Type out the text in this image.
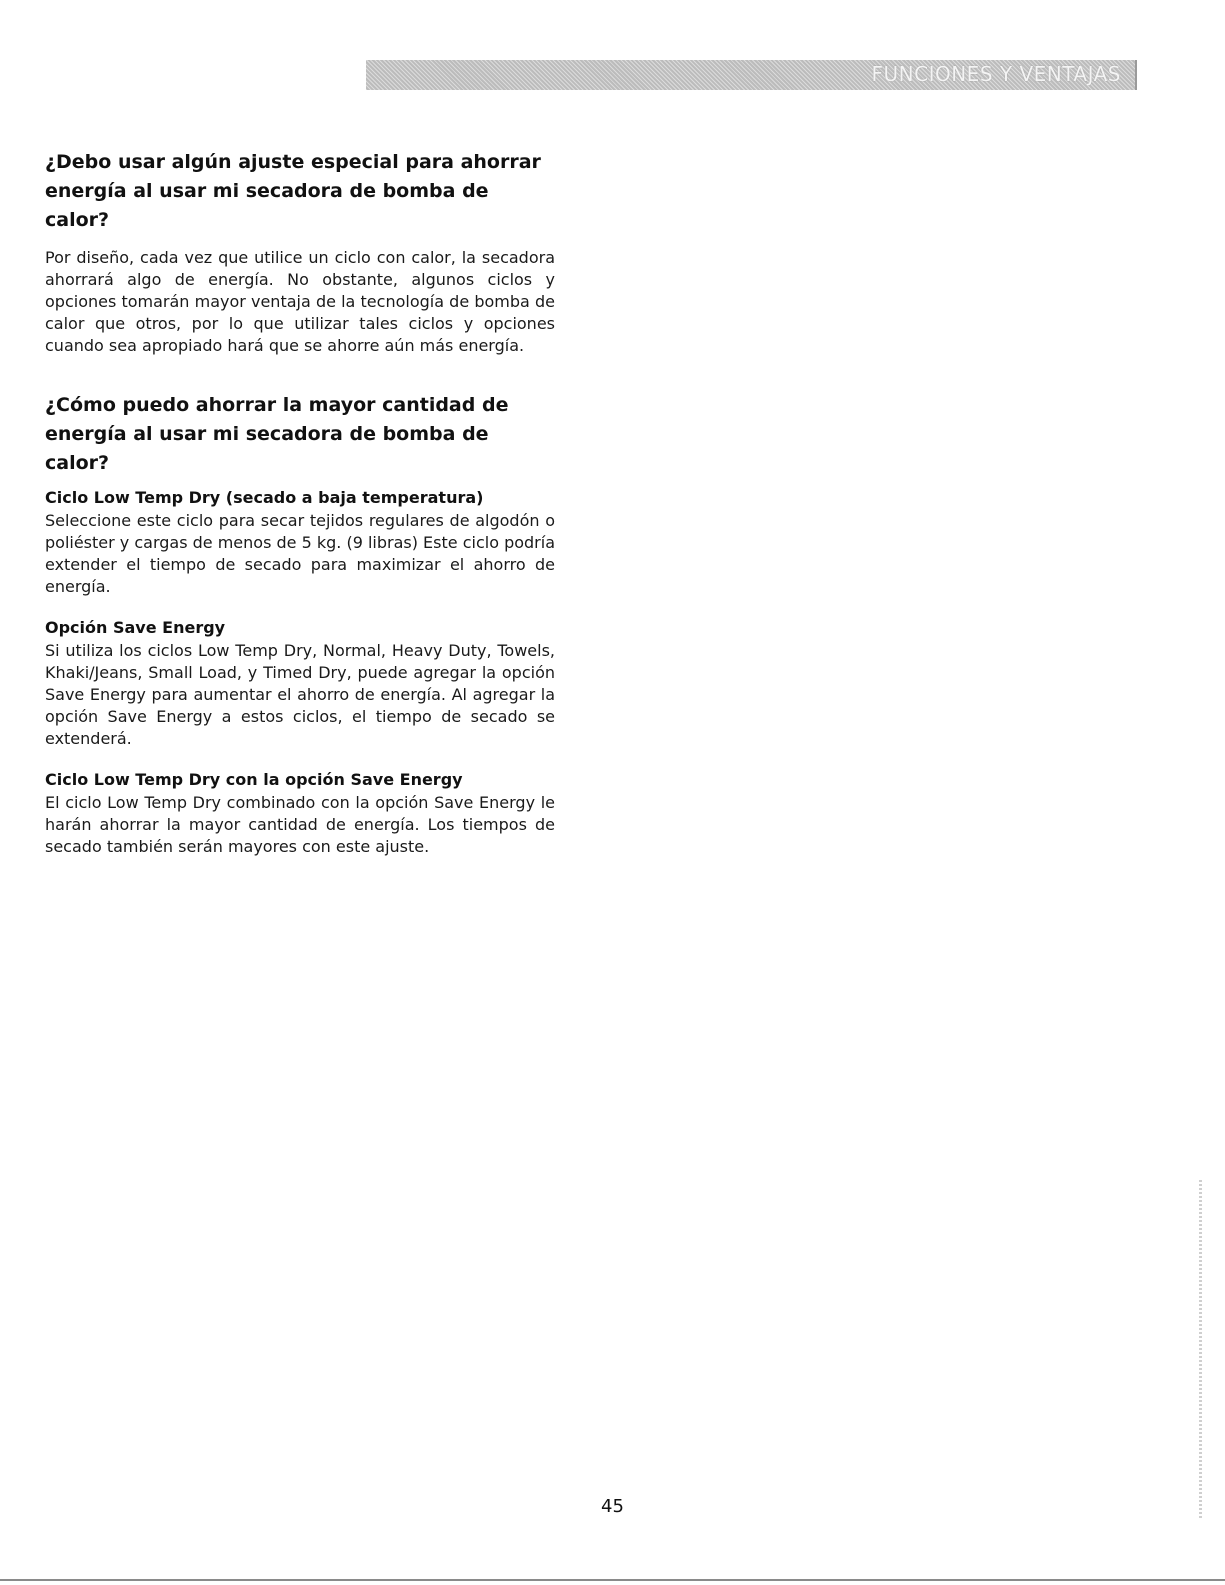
FUNCIONES Y VENTAJAS
¿Debo usar algún ajuste especial para ahorrar energía al usar mi secadora de bomba de calor?

Por diseño, cada vez que utilice un ciclo con calor, la secadora ahorrará algo de energía. No obstante, algunos ciclos y opciones tomarán mayor ventaja de la tecnología de bomba de calor que otros, por lo que utilizar tales ciclos y opciones cuando sea apropiado hará que se ahorre aún más energía.

¿Cómo puedo ahorrar la mayor cantidad de energía al usar mi secadora de bomba de calor?
Ciclo Low Temp Dry (secado a baja temperatura)

Seleccione este ciclo para secar tejidos regulares de algodón o poliéster y cargas de menos de 5 kg. (9 libras) Este ciclo podría extender el tiempo de secado para maximizar el ahorro de energía.

Opción Save Energy

Si utiliza los ciclos Low Temp Dry, Normal, Heavy Duty, Towels, Khaki/Jeans, Small Load, y Timed Dry, puede agregar la opción Save Energy para aumentar el ahorro de energía. Al agregar la opción Save Energy a estos ciclos, el tiempo de secado se extenderá.

Ciclo Low Temp Dry con la opción Save Energy

El ciclo Low Temp Dry combinado con la opción Save Energy le harán ahorrar la mayor cantidad de energía. Los tiempos de secado también serán mayores con este ajuste.

45
